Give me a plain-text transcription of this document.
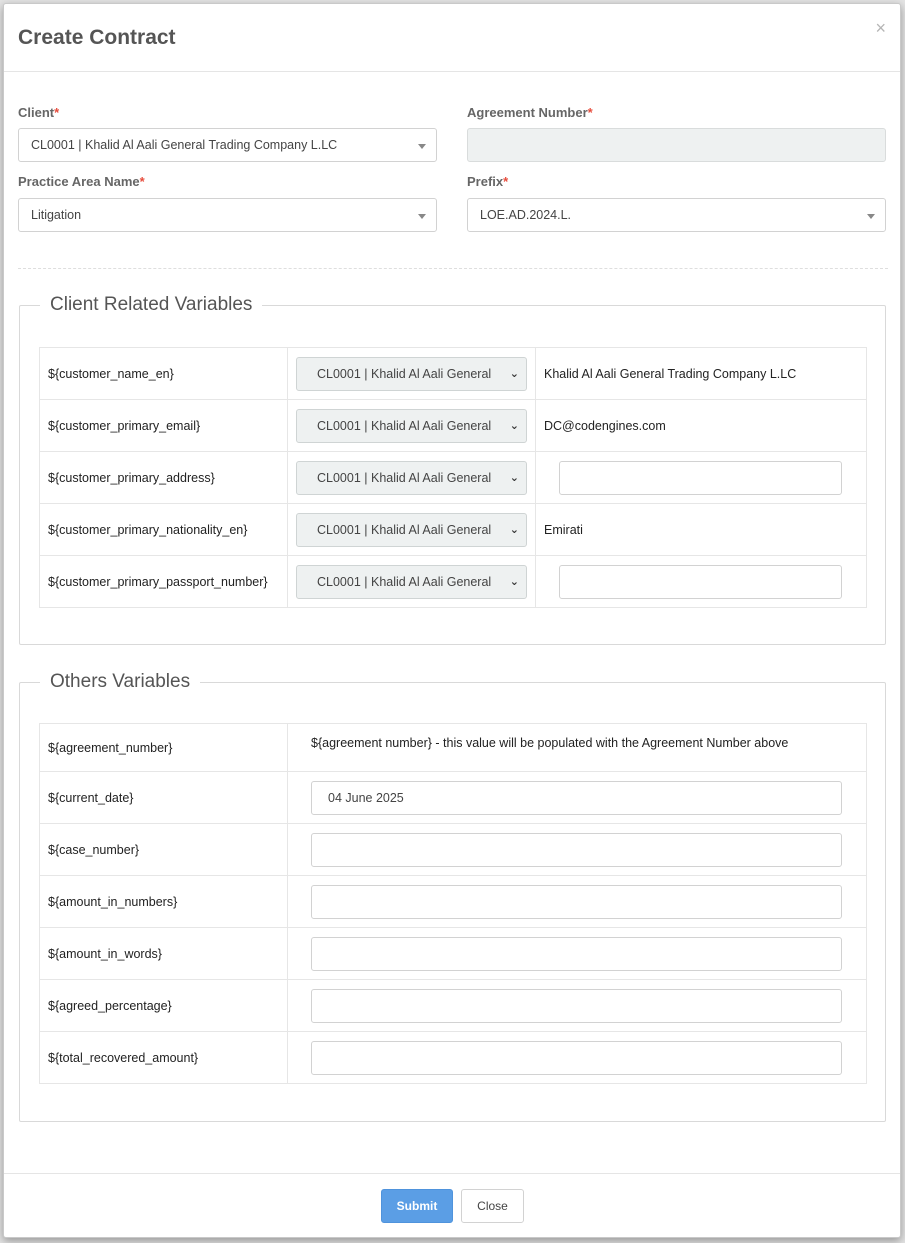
Create Contract	×
Client*
CL0001 | Khalid Al Aali General Trading Company L.LC
Agreement Number*
Practice Area Name*
Litigation
Prefix*
LOE.AD.2024.L.
Client Related Variables
${customer_name_en}	CL0001 | Khalid Al Aali General ⌄	Khalid Al Aali General Trading Company L.LC
${customer_primary_email}	CL0001 | Khalid Al Aali General ⌄	DC@codengines.com
${customer_primary_address}	CL0001 | Khalid Al Aali General ⌄	

${customer_primary_nationality_en}	CL0001 | Khalid Al Aali General ⌄	Emirati
${customer_primary_passport_number}	CL0001 | Khalid Al Aali General ⌄	

Others Variables
${agreement_number}	${agreement number} - this value will be populated with the Agreement Number above
${current_date}	04 June 2025

${case_number}	

${amount_in_numbers}	

${amount_in_words}	

${agreed_percentage}	

${total_recovered_amount}	
Submit	Close
